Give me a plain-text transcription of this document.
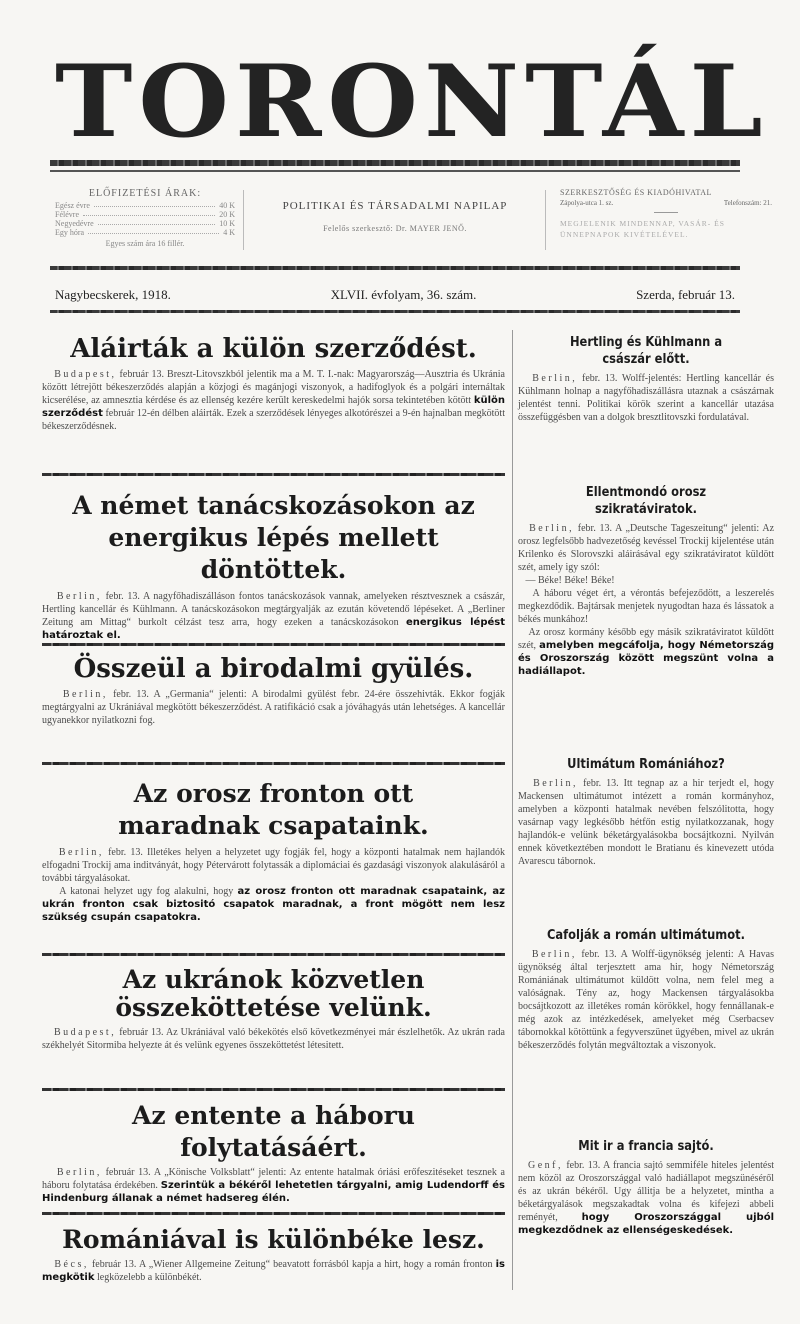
TORONTÁL
ELŐFIZETÉSI ÁRAK:
Egész évre	40 K
Félévre	20 K
Negyedévre	10 K
Egy hóra	4 K
Egyes szám ára 16 fillér.
POLITIKAI ÉS TÁRSADALMI NAPILAP
Felelős szerkesztő: Dr. MAYER JENŐ.
SZERKESZTŐSÉG ÉS KIADÓHIVATAL
Zápolya-utca 1. sz.	Telefonszám: 21.
MEGJELENIK MINDENNAP, VASÁR- ÉS ÜNNEPNAPOK KIVÉTELÉVEL.
Nagybecskerek, 1918.	XLVII. évfolyam, 36. szám.	Szerda, február 13.
Aláirták a külön szerződést.

Budapest, február 13. Breszt-Litovszkból jelentik ma a M. T. I.-nak: Magyarország—Ausztria és Ukránia között létrejött békeszerződés alapján a közjogi és magánjogi viszonyok, a hadifoglyok és a polgári internáltak kicserélése, az amnesztia kérdése és az ellenség kezére került kereskedelmi hajók sorsa tekintetében kötött külön szerződést február 12-én délben aláirták. Ezek a szerződések lényeges alkotórészei a 9-én hajnalban megkötött békeszerződésnek.

A német tanácskozásokon az energikus lépés mellett döntöttek.

Berlin, febr. 13. A nagyfőhadiszálláson fontos tanácskozások vannak, amelyeken résztvesznek a császár, Hertling kancellár és Kühlmann. A tanácskozásokon megtárgyalják az ezután követendő lépéseket. A „Berliner Zeitung am Mittag“ burkolt célzást tesz arra, hogy ezeken a tanácskozásokon energikus lépést határoztak el.

Összeül a birodalmi gyülés.

Berlin, febr. 13. A „Germania“ jelenti: A birodalmi gyülést febr. 24-ére összehivták. Ekkor fogják megtárgyalni az Ukrániával megkötött békeszerződést. A ratifikáció csak a jóváhagyás után lehetséges. A kancellár ugyanekkor nyilatkozni fog.

Az orosz fronton ott maradnak csapataink.

Berlin, febr. 13. Illetékes helyen a helyzetet ugy fogják fel, hogy a központi hatalmak nem hajlandók elfogadni Trockij ama inditványát, hogy Pétervárott folytassák a diplomáciai és gazdasági viszonyok alakulásáról a további tárgyalásokat.

A katonai helyzet ugy fog alakulni, hogy az orosz fronton ott maradnak csapataink, az ukrán fronton csak biztositó csapatok maradnak, a front mögött nem lesz szükség csupán csapatokra.

Az ukránok közvetlen összeköttetése velünk.

Budapest, február 13. Az Ukrániával való békekötés első következményei már észlelhetők. Az ukrán rada székhelyét Sitormiba helyezte át és velünk egyenes összeköttetést létesitett.

Az entente a háboru folytatásáért.

Berlin, február 13. A „Könische Volksblatt“ jelenti: Az entente hatalmak óriási erőfeszitéseket tesznek a háboru folytatása érdekében. Szerintük a békéről lehetetlen tárgyalni, amig Ludendorff és Hindenburg állanak a német hadsereg élén.

Romániával is különbéke lesz.

Bécs, február 13. A „Wiener Allgemeine Zeitung“ beavatott forrásból kapja a hirt, hogy a román fronton is megkötik legközelebb a különbékét.

Hertling és Kühlmann a császár előtt.

Berlin, febr. 13. Wolff-jelentés: Hertling kancellár és Kühlmann holnap a nagyfőhadiszállásra utaznak a császárnak jelentést tenni. Politikai körök szerint a kancellár utazása összefüggésben van a dolgok bresztlitovszki fordulatával.

Ellentmondó orosz szikratáviratok.

Berlin, febr. 13. A „Deutsche Tageszeitung“ jelenti: Az orosz legfelsőbb hadvezetőség kevéssel Trockij kijelentése után Krilenko és Slorovszki aláirásával egy szikratáviratot küldött szét, amely igy szól:

— Béke! Béke! Béke!

A háboru véget ért, a vérontás befejeződött, a leszerelés megkezdődik. Bajtársak menjetek nyugodtan haza és lássatok a békés munkához!

Az orosz kormány később egy másik szikratáviratot küldött szét, amelyben megcáfolja, hogy Németország és Oroszország között megszünt volna a hadiállapot.

Ultimátum Romániához?

Berlin, febr. 13. Itt tegnap az a hir terjedt el, hogy Mackensen ultimátumot intézett a román kormányhoz, amelyben a központi hatalmak nevében felszólitotta, hogy vasárnap vagy legkésőbb hétfőn estig nyilatkozzanak, hogy hajlandók-e velünk béketárgyalásokba bocsájtkozni. Nyilván ennek következtében mondott le Bratianu és kinevezett utóda Avarescu tábornok.

Cafolják a román ultimátumot.

Berlin, febr. 13. A Wolff-ügynökség jelenti: A Havas ügynökség által terjesztett ama hir, hogy Németország Romániának ultimátumot küldött volna, nem felel meg a valóságnak. Tény az, hogy Mackensen tárgyalásokba bocsájtkozott az illetékes román körökkel, hogy fennállanak-e még azok az intézkedések, amelyeket még Cserbacsev tábornokkal kötöttünk a fegyverszünet ügyében, mivel az ukrán békeszerződés folytán megváltoztak a viszonyok.

Mit ir a francia sajtó.

Genf, febr. 13. A francia sajtó semmiféle hiteles jelentést nem közöl az Oroszországgal való hadiállapot megszünéséről és az ukrán békéről. Ugy állitja be a helyzetet, mintha a béketárgyalások megszakadtak volna és kifejezi abbeli reményét, hogy Oroszországgal ujból megkezdődnek az ellenségeskedések.
